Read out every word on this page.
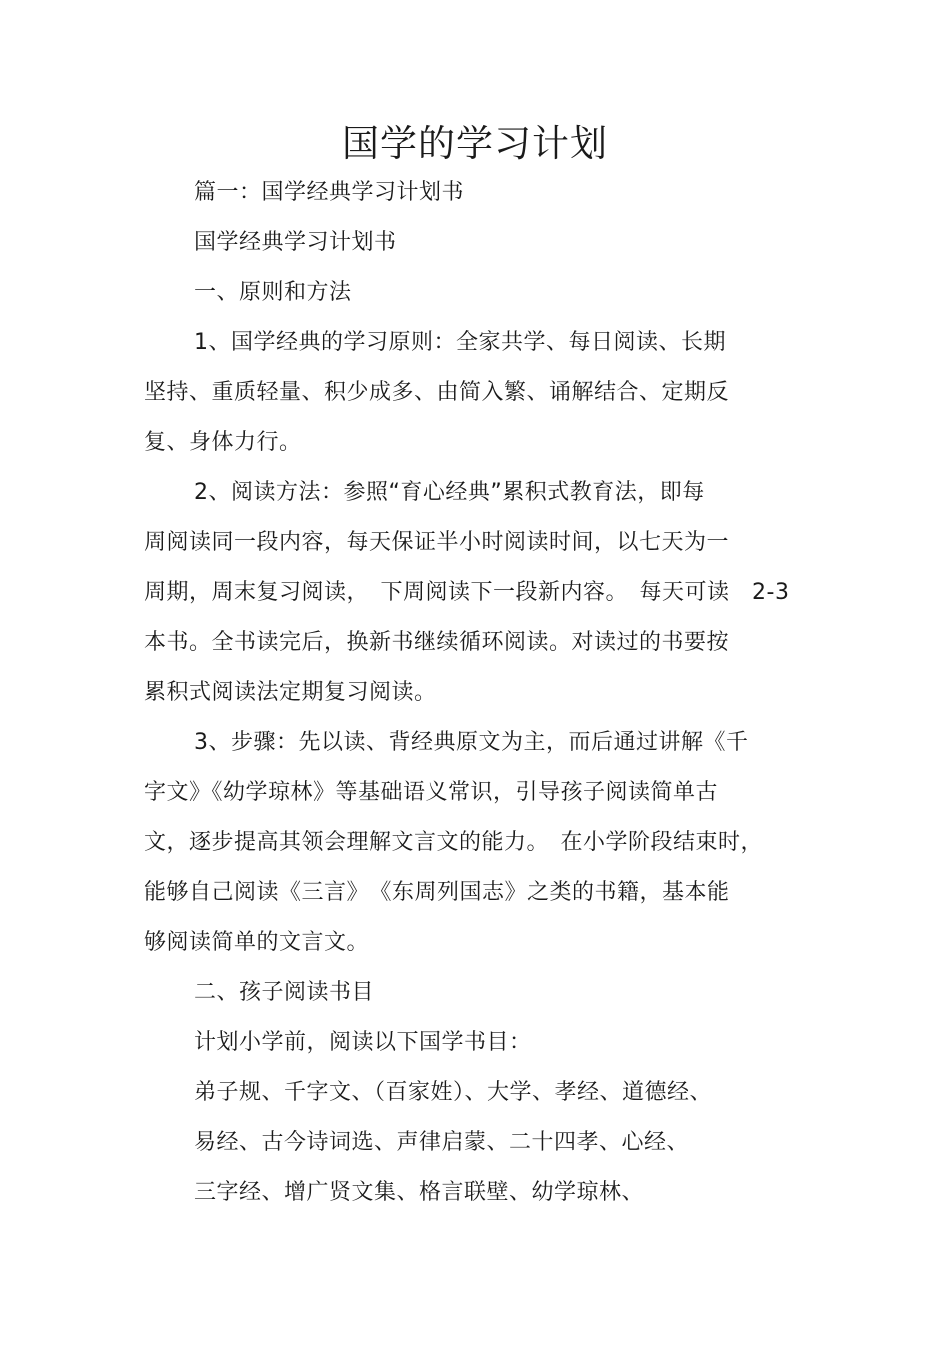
国学的学习计划
篇一：国学经典学习计划书
国学经典学习计划书
一、原则和方法
1、国学经典的学习原则：全家共学、每日阅读、长期
坚持、重质轻量、积少成多、由简入繁、诵解结合、定期反
复、身体力行。
2、阅读方法：参照“育心经典”累积式教育法，即每
周阅读同一段内容，每天保证半小时阅读时间，以七天为一
周期，周末复习阅读，　下周阅读下一段新内容。　每天可读　2-3
本书。全书读完后，换新书继续循环阅读。对读过的书要按
累积式阅读法定期复习阅读。
3、步骤：先以读、背经典原文为主，而后通过讲解《千
字文》《幼学琼林》等基础语义常识，引导孩子阅读简单古
文，逐步提高其领会理解文言文的能力。　在小学阶段结束时，
能够自己阅读《三言》　《东周列国志》之类的书籍，基本能
够阅读简单的文言文。
二、孩子阅读书目
计划小学前，阅读以下国学书目：
弟子规、千字文、（百家姓）、大学、孝经、道德经、
易经、古今诗词选、声律启蒙、二十四孝、心经、
三字经、增广贤文集、格言联壁、幼学琼林、
